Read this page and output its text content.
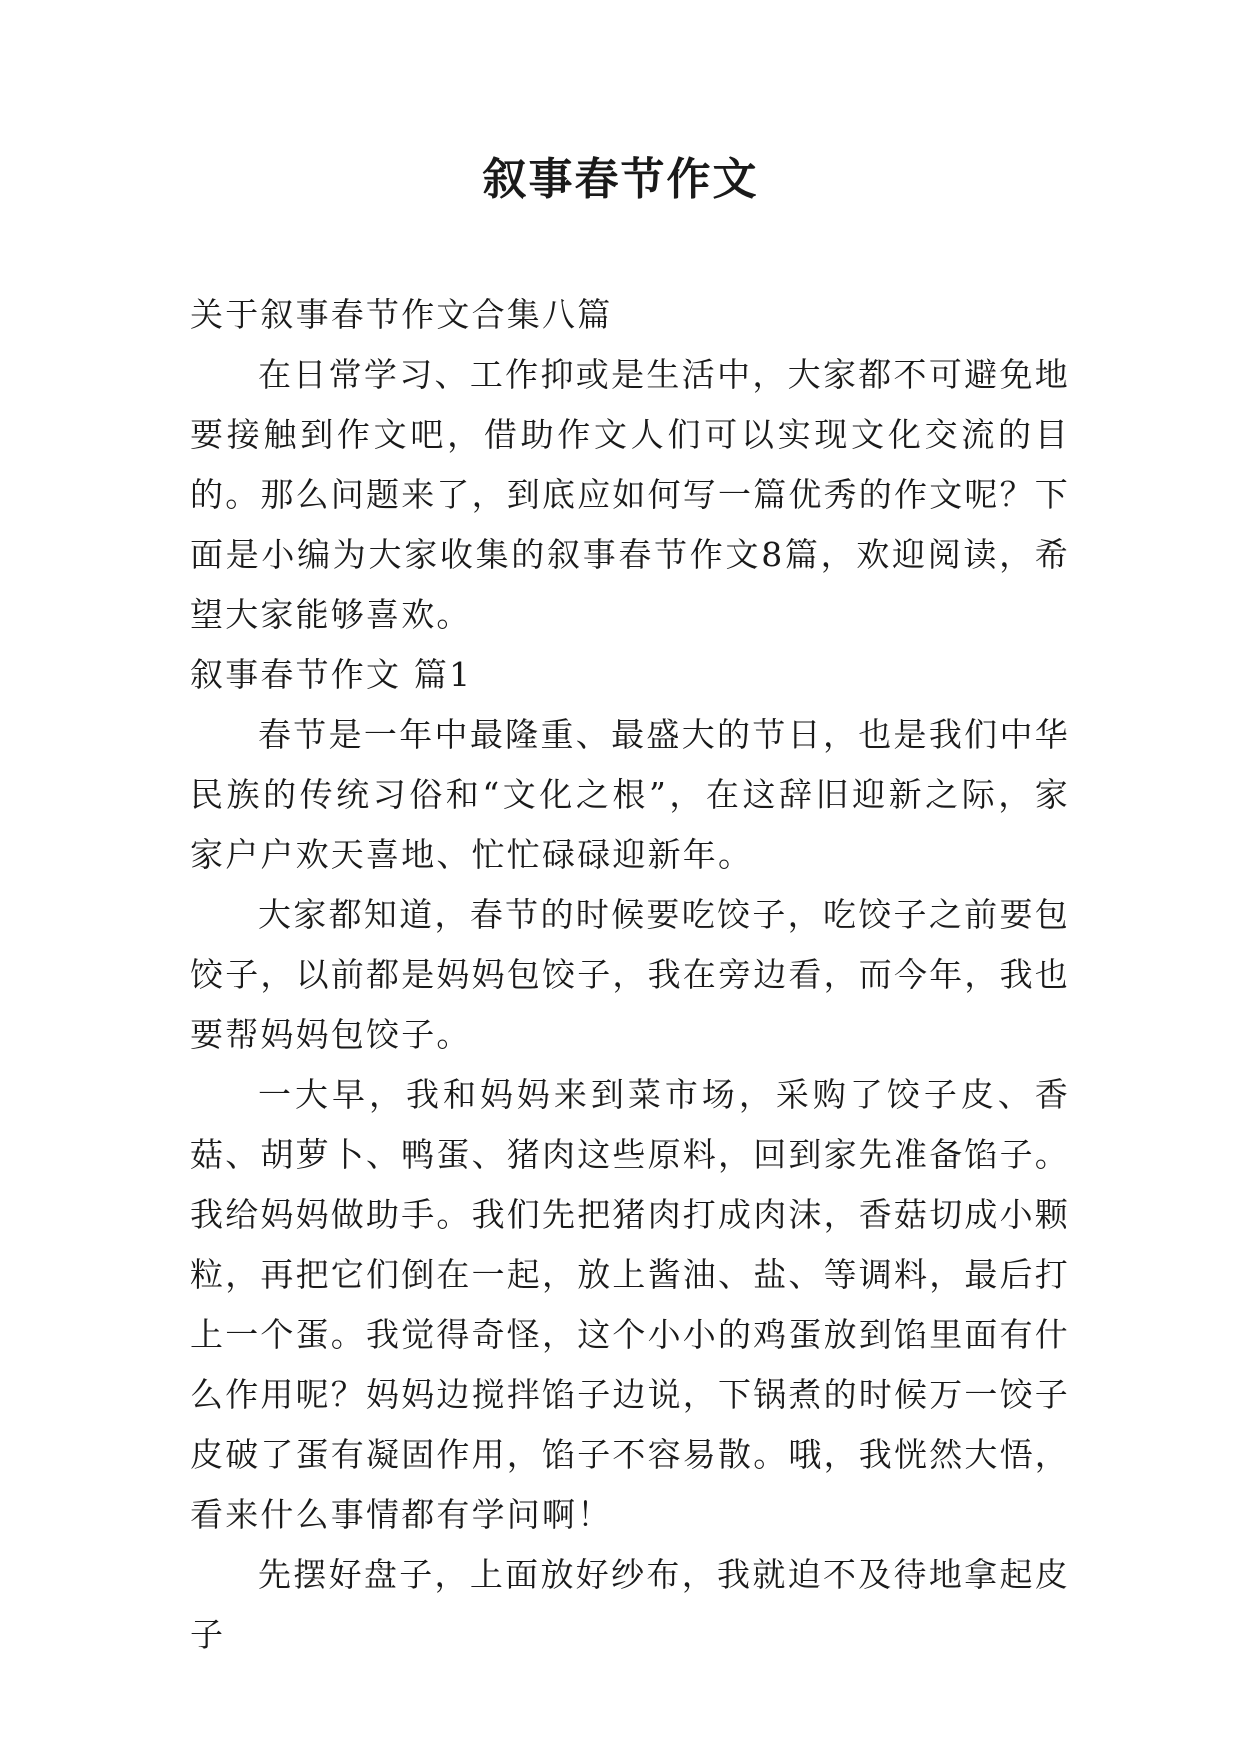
叙事春节作文

关于叙事春节作文合集八篇

在日常学习、工作抑或是生活中，大家都不可避免地要接触到作文吧，借助作文人们可以实现文化交流的目的。那么问题来了，到底应如何写一篇优秀的作文呢？下面是小编为大家收集的叙事春节作文8篇，欢迎阅读，希望大家能够喜欢。

叙事春节作文 篇1

春节是一年中最隆重、最盛大的节日，也是我们中华民族的传统习俗和“文化之根”，在这辞旧迎新之际，家家户户欢天喜地、忙忙碌碌迎新年。

大家都知道，春节的时候要吃饺子，吃饺子之前要包饺子，以前都是妈妈包饺子，我在旁边看，而今年，我也要帮妈妈包饺子。

一大早，我和妈妈来到菜市场，采购了饺子皮、香菇、胡萝卜、鸭蛋、猪肉这些原料，回到家先准备馅子。我给妈妈做助手。我们先把猪肉打成肉沫，香菇切成小颗粒，再把它们倒在一起，放上酱油、盐、等调料，最后打上一个蛋。我觉得奇怪，这个小小的鸡蛋放到馅里面有什么作用呢？妈妈边搅拌馅子边说，下锅煮的时候万一饺子皮破了蛋有凝固作用，馅子不容易散。哦，我恍然大悟，看来什么事情都有学问啊！

先摆好盘子，上面放好纱布，我就迫不及待地拿起皮子
